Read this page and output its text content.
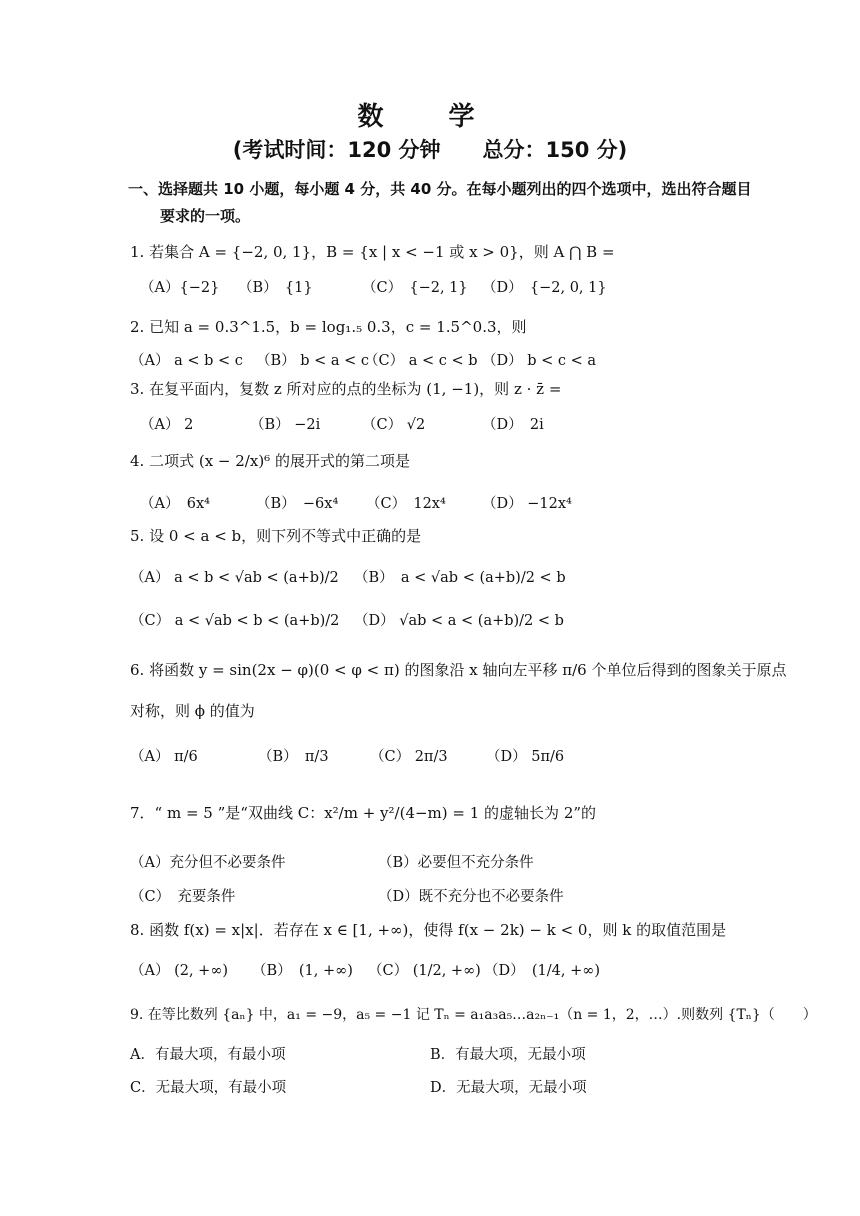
数 学
(考试时间：120 分钟　　总分：150 分)
一、选择题共 10 小题，每小题 4 分，共 40 分。在每小题列出的四个选项中，选出符合题目
要求的一项。
1. 若集合 A = {−2, 0, 1}，B = {x | x < −1 或 x > 0}，则 A ⋂ B =
（A）{−2} （B）　{1}	（C）　{−2, 1} （D）　{−2, 0, 1}
2. 已知 a = 0.3^1.5，b = log₁.₅ 0.3，c = 1.5^0.3，则
（A） a < b < c （B） b < a < c
（C） a < c < b （D） b < c < a
3. 在复平面内，复数 z 所对应的点的坐标为 (1, −1)，则 z · z̄ =
（A） 2	（B） −2i	（C） √2	（D）　2i
4. 二项式 (x − 2/x)⁶ 的展开式的第二项是
（A）　6x⁴	（B）　−6x⁴ （C）　12x⁴ （D） −12x⁴
5. 设 0 < a < b，则下列不等式中正确的是
（A） a < b < √ab < (a+b)/2 （B）　a < √ab < (a+b)/2 < b
（C） a < √ab < b < (a+b)/2 （D） √ab < a < (a+b)/2 < b
6. 将函数 y = sin(2x − φ)(0 < φ < π) 的图象沿 x 轴向左平移 π/6 个单位后得到的图象关于原点
对称，则 ϕ 的值为
（A） π/6	（B）　π/3	（C） 2π/3	（D） 5π/6
7．“ m = 5 ”是“双曲线 C：x²/m + y²/(4−m) = 1 的虚轴长为 2”的
（A）充分但不必要条件	（B）必要但不充分条件
（C）　充要条件	（D）既不充分也不必要条件
8. 函数 f(x) = x|x|．若存在 x ∈ [1, +∞)，使得 f(x − 2k) − k < 0，则 k 的取值范围是
（A） (2, +∞) （B）　(1, +∞) （C） (1/2, +∞) （D）　(1/4, +∞)
9. 在等比数列 {aₙ} 中，a₁ = −9，a₅ = −1 记 Tₙ = a₁a₃a₅…a₂ₙ₋₁（n = 1，2，…）.则数列 {Tₙ}（　　）
A．有最大项，有最小项	B．有最大项，无最小项
C．无最大项，有最小项	D．无最大项，无最小项
